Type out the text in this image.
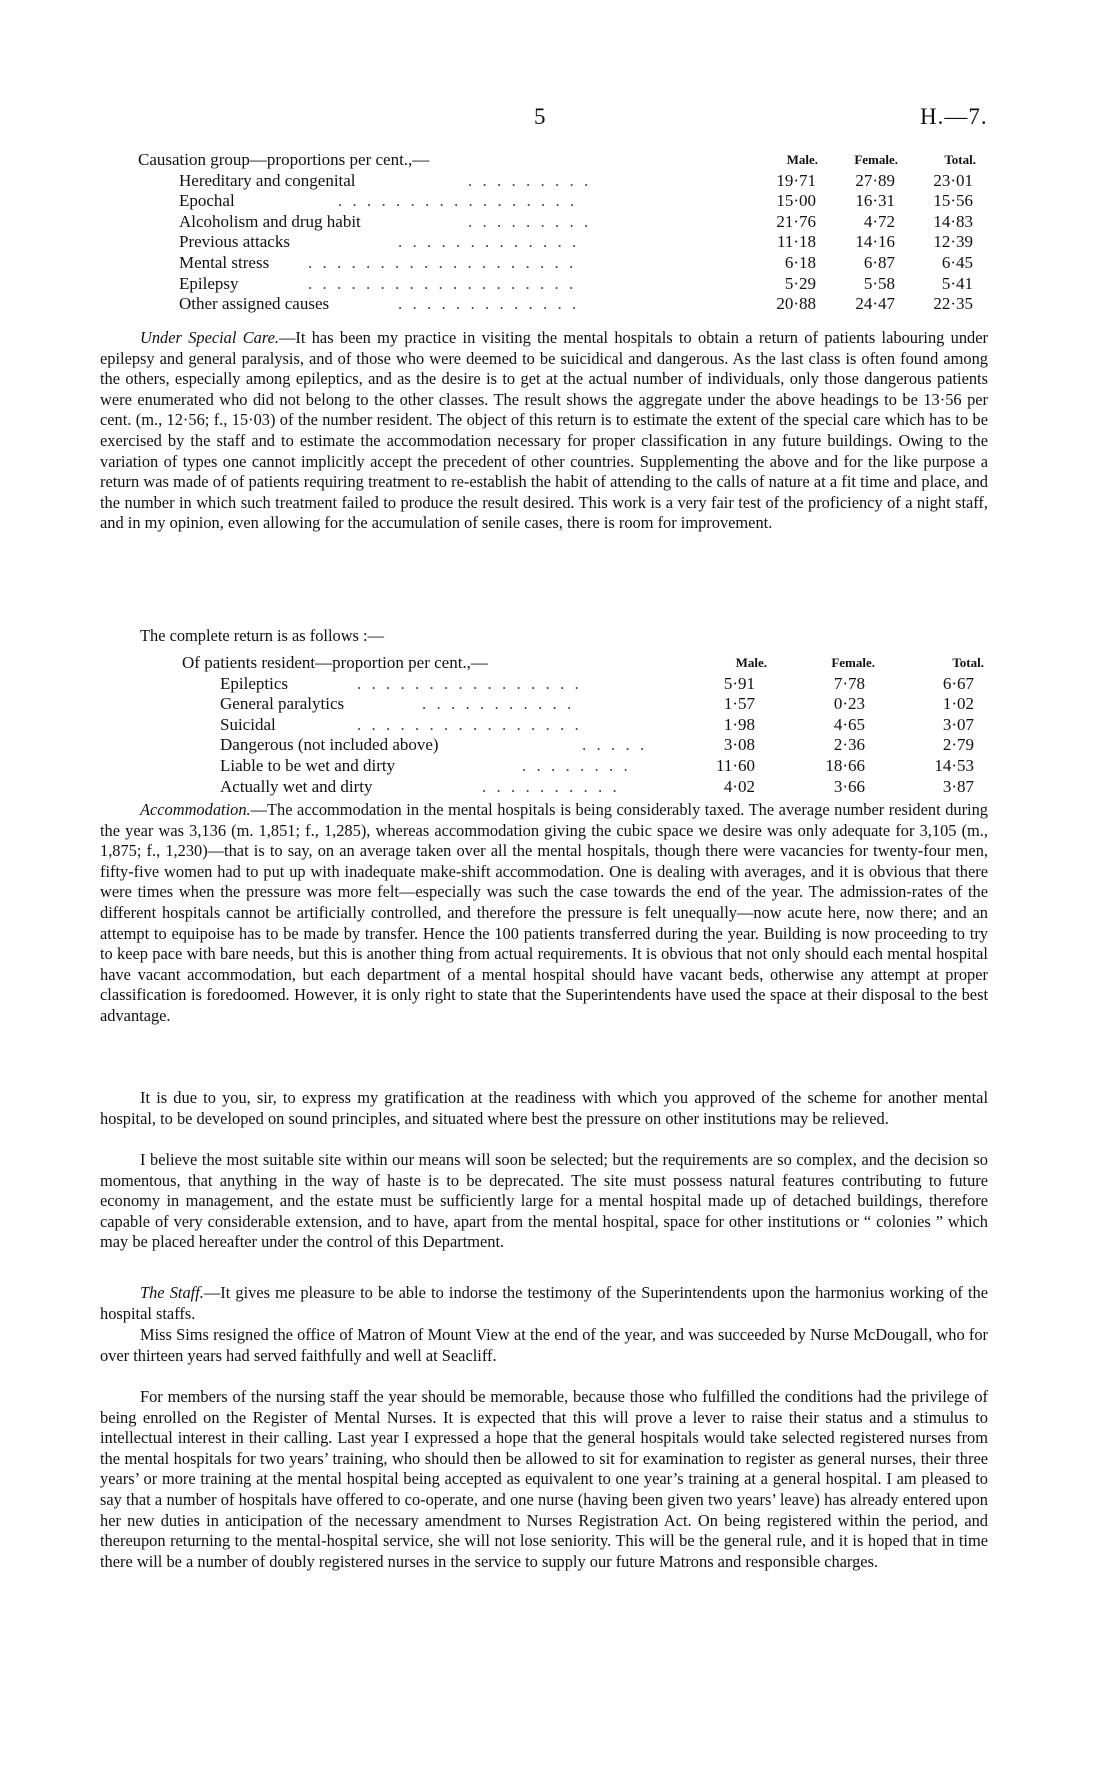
5	H.—7.
Causation group—proportions per cent.,—	Male.	Female.	Total.
Hereditary and congenital	. . . . . . . . .	19·71	27·89	23·01
Epochal	. . . . . . . . . . . . . . . . .	15·00	16·31	15·56
Alcoholism and drug habit	. . . . . . . . .	21·76	4·72	14·83
Previous attacks	. . . . . . . . . . . . .	11·18	14·16	12·39
Mental stress . . . . . . . . . . . . . . . . . . .	6·18	6·87	6·45
Epilepsy	. . . . . . . . . . . . . . . . . . .	5·29	5·58	5·41
Other assigned causes	. . . . . . . . . . . . .	20·88	24·47	22·35

Under Special Care.—It has been my practice in visiting the mental hospitals to obtain a return of patients labouring under epilepsy and general paralysis, and of those who were deemed to be suicidical and dangerous. As the last class is often found among the others, especially among epileptics, and as the desire is to get at the actual number of individuals, only those dangerous patients were enumerated who did not belong to the other classes. The result shows the aggregate under the above headings to be 13·56 per cent. (m., 12·56; f., 15·03) of the number resident. The object of this return is to estimate the extent of the special care which has to be exercised by the staff and to estimate the accommodation necessary for proper classification in any future buildings. Owing to the variation of types one cannot implicitly accept the precedent of other countries. Supplementing the above and for the like purpose a return was made of of patients requiring treatment to re-establish the habit of attending to the calls of nature at a fit time and place, and the number in which such treatment failed to produce the result desired. This work is a very fair test of the proficiency of a night staff, and in my opinion, even allowing for the accumulation of senile cases, there is room for improvement.

The complete return is as follows :—

Of patients resident—proportion per cent.,—	Male.	Female.	Total.
Epileptics	. . . . . . . . . . . . . . . .	5·91	7·78	6·67
General paralytics	. . . . . . . . . . .	1·57	0·23	1·02
Suicidal	. . . . . . . . . . . . . . . .	1·98	4·65	3·07
Dangerous (not included above)	. . . . .	3·08	2·36	2·79
Liable to be wet and dirty	. . . . . . . .	11·60	18·66	14·53
Actually wet and dirty	. . . . . . . . . .	4·02	3·66	3·87

Accommodation.—The accommodation in the mental hospitals is being considerably taxed. The average number resident during the year was 3,136 (m. 1,851; f., 1,285), whereas accommodation giving the cubic space we desire was only adequate for 3,105 (m., 1,875; f., 1,230)—that is to say, on an average taken over all the mental hospitals, though there were vacancies for twenty-four men, fifty-five women had to put up with inadequate make-shift accommodation. One is dealing with averages, and it is obvious that there were times when the pressure was more felt—especially was such the case towards the end of the year. The admission-rates of the different hospitals cannot be artificially controlled, and therefore the pressure is felt unequally—now acute here, now there; and an attempt to equipoise has to be made by transfer. Hence the 100 patients transferred during the year. Building is now proceeding to try to keep pace with bare needs, but this is another thing from actual requirements. It is obvious that not only should each mental hospital have vacant accommodation, but each department of a mental hospital should have vacant beds, otherwise any attempt at proper classification is foredoomed. However, it is only right to state that the Superintendents have used the space at their disposal to the best advantage.

It is due to you, sir, to express my gratification at the readiness with which you approved of the scheme for another mental hospital, to be developed on sound principles, and situated where best the pressure on other institutions may be relieved.

I believe the most suitable site within our means will soon be selected; but the requirements are so complex, and the decision so momentous, that anything in the way of haste is to be deprecated. The site must possess natural features contributing to future economy in management, and the estate must be sufficiently large for a mental hospital made up of detached buildings, therefore capable of very considerable extension, and to have, apart from the mental hospital, space for other institutions or “ colonies ” which may be placed hereafter under the control of this Department.

The Staff.—It gives me pleasure to be able to indorse the testimony of the Superintendents upon the harmonius working of the hospital staffs.

Miss Sims resigned the office of Matron of Mount View at the end of the year, and was succeeded by Nurse McDougall, who for over thirteen years had served faithfully and well at Seacliff.

For members of the nursing staff the year should be memorable, because those who fulfilled the conditions had the privilege of being enrolled on the Register of Mental Nurses. It is expected that this will prove a lever to raise their status and a stimulus to intellectual interest in their calling. Last year I expressed a hope that the general hospitals would take selected registered nurses from the mental hospitals for two years’ training, who should then be allowed to sit for examination to register as general nurses, their three years’ or more training at the mental hospital being accepted as equivalent to one year’s training at a general hospital. I am pleased to say that a number of hospitals have offered to co-operate, and one nurse (having been given two years’ leave) has already entered upon her new duties in anticipation of the necessary amendment to Nurses Registration Act. On being registered within the period, and thereupon returning to the mental-hospital service, she will not lose seniority. This will be the general rule, and it is hoped that in time there will be a number of doubly registered nurses in the service to supply our future Matrons and responsible charges.
